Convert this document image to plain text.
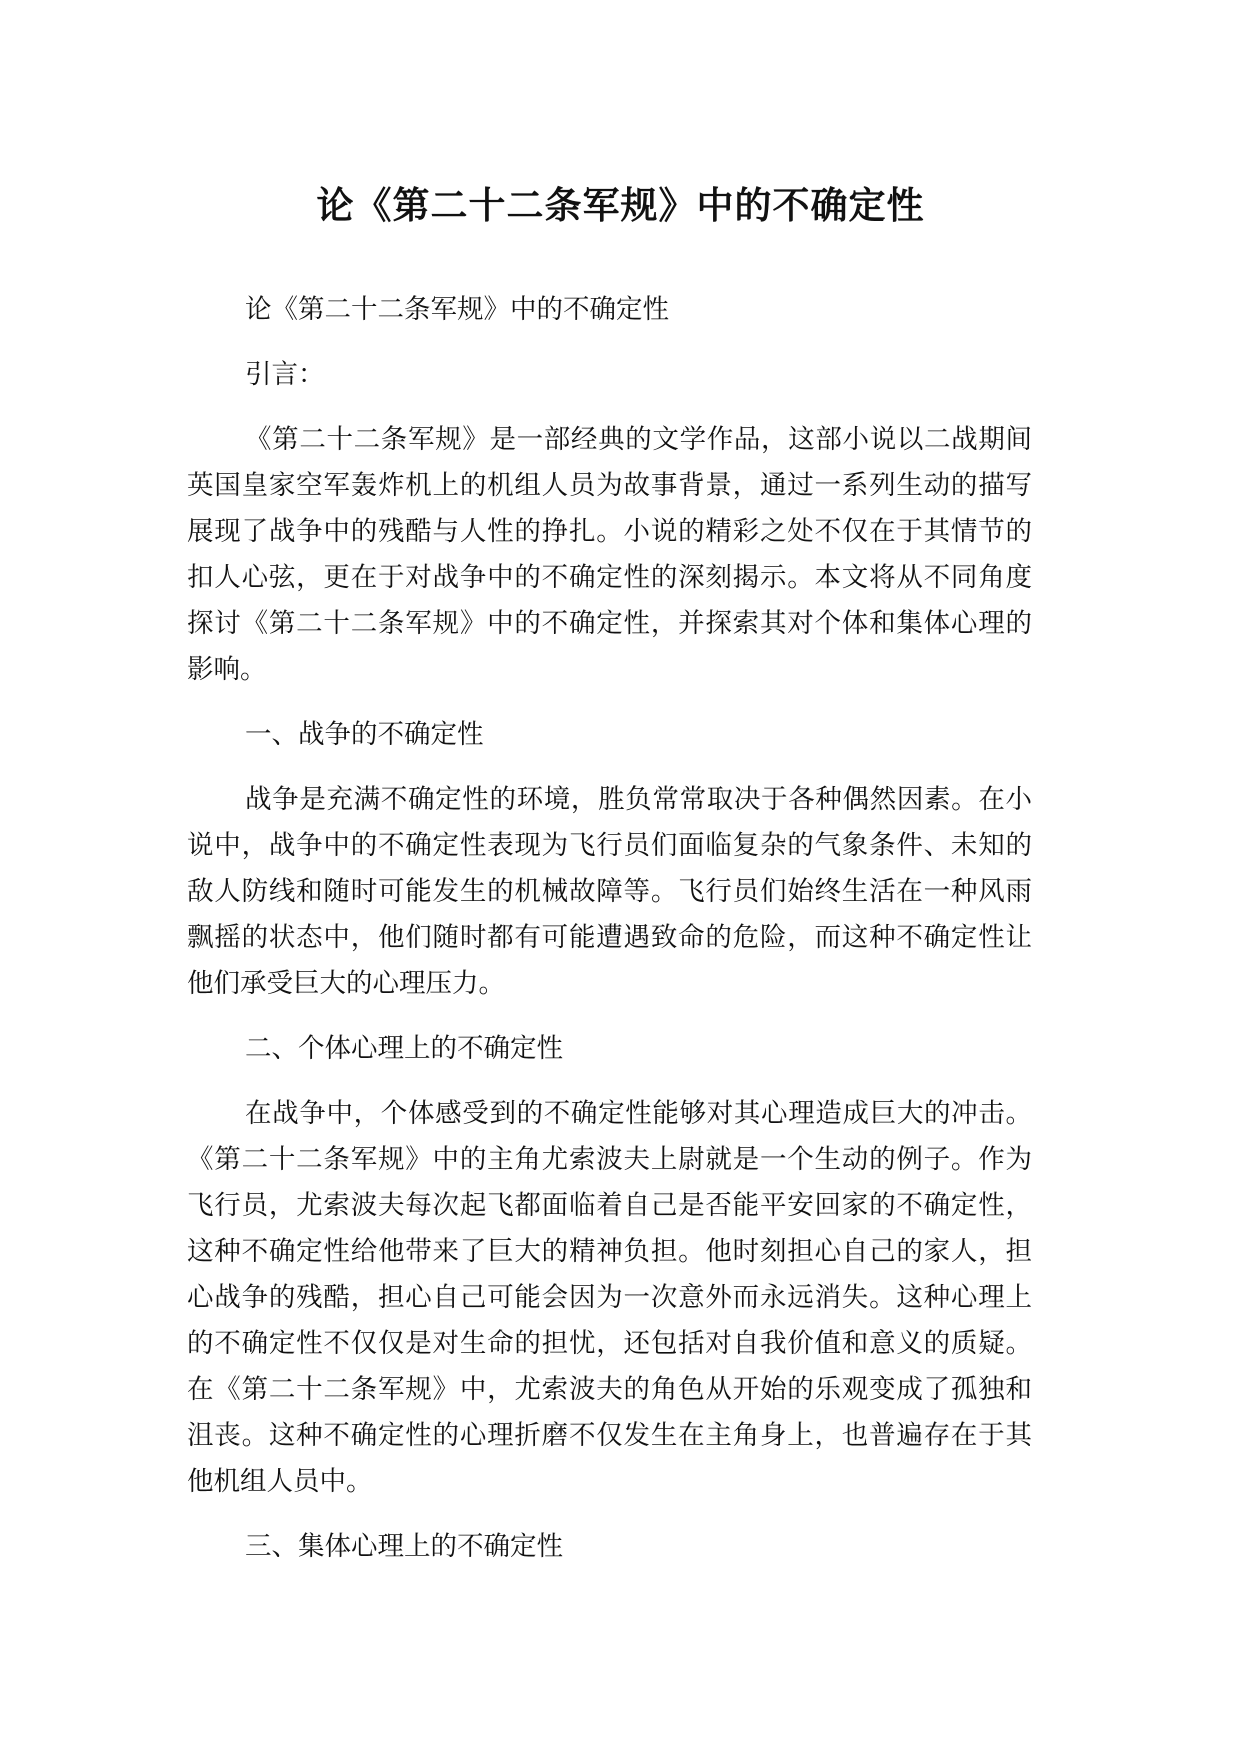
论《第二十二条军规》中的不确定性

论《第二十二条军规》中的不确定性

引言：

《第二十二条军规》是一部经典的文学作品，这部小说以二战期间英国皇家空军轰炸机上的机组人员为故事背景，通过一系列生动的描写展现了战争中的残酷与人性的挣扎。小说的精彩之处不仅在于其情节的扣人心弦，更在于对战争中的不确定性的深刻揭示。本文将从不同角度探讨《第二十二条军规》中的不确定性，并探索其对个体和集体心理的影响。

一、战争的不确定性

战争是充满不确定性的环境，胜负常常取决于各种偶然因素。在小说中，战争中的不确定性表现为飞行员们面临复杂的气象条件、未知的敌人防线和随时可能发生的机械故障等。飞行员们始终生活在一种风雨飘摇的状态中，他们随时都有可能遭遇致命的危险，而这种不确定性让他们承受巨大的心理压力。

二、个体心理上的不确定性

在战争中，个体感受到的不确定性能够对其心理造成巨大的冲击。《第二十二条军规》中的主角尤索波夫上尉就是一个生动的例子。作为飞行员，尤索波夫每次起飞都面临着自己是否能平安回家的不确定性，这种不确定性给他带来了巨大的精神负担。他时刻担心自己的家人，担心战争的残酷，担心自己可能会因为一次意外而永远消失。这种心理上的不确定性不仅仅是对生命的担忧，还包括对自我价值和意义的质疑。在《第二十二条军规》中，尤索波夫的角色从开始的乐观变成了孤独和沮丧。这种不确定性的心理折磨不仅发生在主角身上，也普遍存在于其他机组人员中。

三、集体心理上的不确定性
